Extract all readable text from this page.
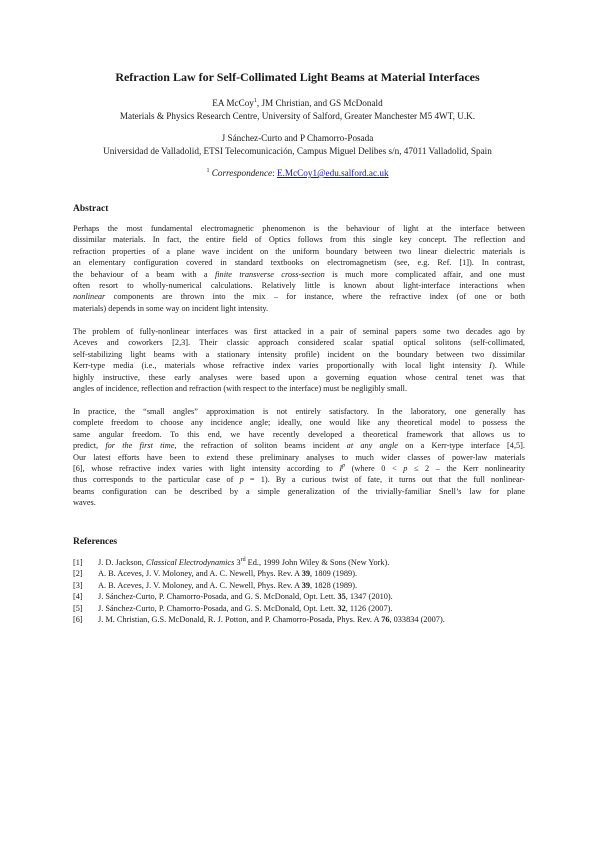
Refraction Law for Self-Collimated Light Beams at Material Interfaces
EA McCoy$^1$, JM Christian, and GS McDonald
Materials & Physics Research Centre, University of Salford, Greater Manchester M5 4WT, U.K.
J Sánchez-Curto and P Chamorro-Posada
Universidad de Valladolid, ETSI Telecomunicación, Campus Miguel Delibes s/n, 47011 Valladolid, Spain
$^1$ Correspondence: E.McCoy1@edu.salford.ac.uk
Abstract
Perhaps the most fundamental electromagnetic phenomenon is the behaviour of light at the interface between
dissimilar materials. In fact, the entire field of Optics follows from this single key concept. The reflection and
refraction properties of a plane wave incident on the uniform boundary between two linear dielectric materials is
an elementary configuration covered in standard textbooks on electromagnetism (see, e.g. Ref. [1]). In contrast,
the behaviour of a beam with a finite transverse cross-section is much more complicated affair, and one must
often resort to wholly-numerical calculations. Relatively little is known about light-interface interactions when
nonlinear components are thrown into the mix – for instance, where the refractive index (of one or both
materials) depends in some way on incident light intensity.
The problem of fully-nonlinear interfaces was first attacked in a pair of seminal papers some two decades ago by
Aceves and coworkers [2,3]. Their classic approach considered scalar spatial optical solitons (self-collimated,
self-stabilizing light beams with a stationary intensity profile) incident on the boundary between two dissimilar
Kerr-type media (i.e., materials whose refractive index varies proportionally with local light intensity I). While
highly instructive, these early analyses were based upon a governing equation whose central tenet was that
angles of incidence, reflection and refraction (with respect to the interface) must be negligibly small.
In practice, the “small angles” approximation is not entirely satisfactory. In the laboratory, one generally has
complete freedom to choose any incidence angle; ideally, one would like any theoretical model to possess the
same angular freedom. To this end, we have recently developed a theoretical framework that allows us to
predict, for the first time, the refraction of soliton beams incident at any angle on a Kerr-type interface [4,5].
Our latest efforts have been to extend these preliminary analyses to much wider classes of power-law materials
[6], whose refractive index varies with light intensity according to $I^p$ (where 0 < p ≤ 2 – the Kerr nonlinearity
thus corresponds to the particular case of p = 1). By a curious twist of fate, it turns out that the full nonlinear-
beams configuration can be described by a simple generalization of the trivially-familiar Snell’s law for plane
waves.
References
[1]	J. D. Jackson, Classical Electrodynamics 3rd Ed., 1999 John Wiley & Sons (New York).
[2]	A. B. Aceves, J. V. Moloney, and A. C. Newell, Phys. Rev. A 39, 1809 (1989).
[3]	A. B. Aceves, J. V. Moloney, and A. C. Newell, Phys. Rev. A 39, 1828 (1989).
[4]	J. Sánchez-Curto, P. Chamorro-Posada, and G. S. McDonald, Opt. Lett. 35, 1347 (2010).
[5]	J. Sánchez-Curto, P. Chamorro-Posada, and G. S. McDonald, Opt. Lett. 32, 1126 (2007).
[6]	J. M. Christian, G.S. McDonald, R. J. Potton, and P. Chamorro-Posada, Phys. Rev. A 76, 033834 (2007).
